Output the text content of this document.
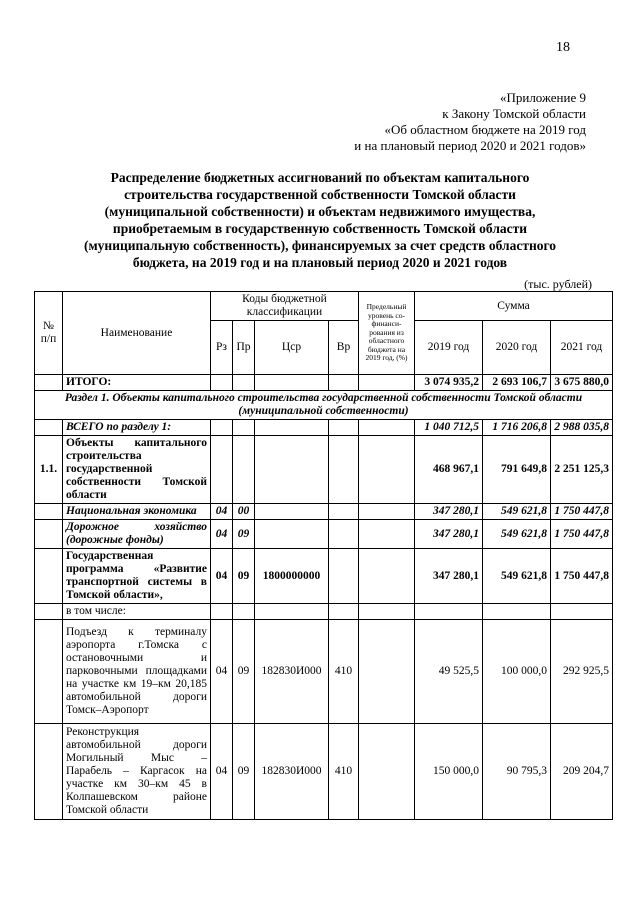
18
«Приложение 9
к Закону Томской области
«Об областном бюджете на 2019 год
и на плановый период 2020 и 2021 годов»
Распределение бюджетных ассигнований по объектам капитального
строительства государственной собственности Томской области
(муниципальной собственности) и объектам недвижимого имущества,
приобретаемым в государственную собственность Томской области
(муниципальную собственность), финансируемых за счет средств областного
бюджета, на 2019 год и на плановый период 2020 и 2021 годов
(тыс. рублей)
№ п/п	Наименование	Коды бюджетной классификации				Предельный уровень со-финанси-рования из областного бюджета на 2019 год, (%)	Сумма		
		Рз	Пр	Цср	Вр		2019 год	2020 год	2021 год
	ИТОГО:						3 074 935,2	2 693 106,7	3 675 880,0
Раздел 1. Объекты капитального строительства государственной собственности Томской области (муниципальной собственности)									
	ВСЕГО по разделу 1:						1 040 712,5	1 716 206,8	2 988 035,8
1.1.	Объекты капитального строительства государственной собственности Томской области						468 967,1	791 649,8	2 251 125,3
	Национальная экономика	04	00				347 280,1	549 621,8	1 750 447,8
	Дорожное хозяйство (дорожные фонды)	04	09				347 280,1	549 621,8	1 750 447,8
	Государственная программа «Развитие транспортной системы в Томской области»,	04	09	1800000000			347 280,1	549 621,8	1 750 447,8
	в том числе:								
	Подъезд к терминалу аэропорта г.Томска с остановочными и парковочными площадками на участке км 19–км 20,185 автомобильной дороги Томск–Аэропорт	04	09	182830И000	410		49 525,5	100 000,0	292 925,5
	Реконструкция автомобильной дороги Могильный Мыс – Парабель – Каргасок на участке км 30–км 45 в Колпашевском районе Томской области	04	09	182830И000	410		150 000,0	90 795,3	209 204,7
